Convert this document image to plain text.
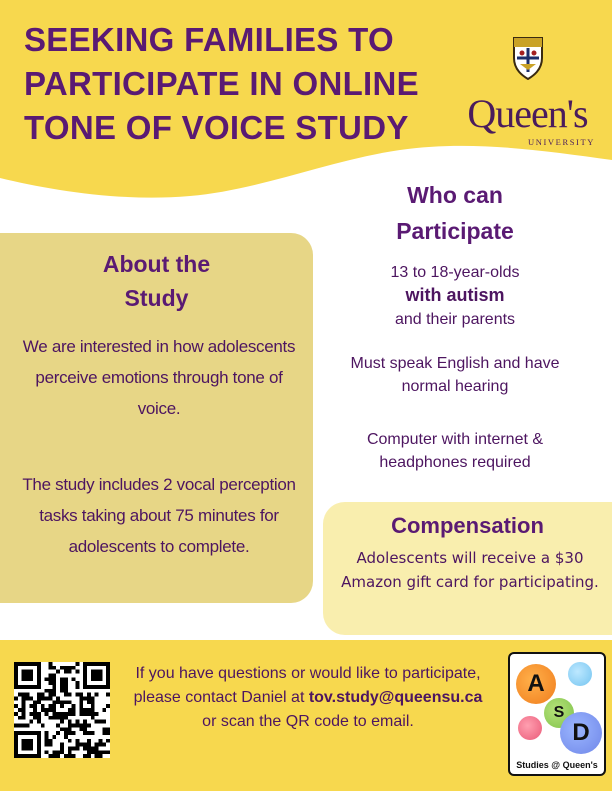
SEEKING FAMILIES TO PARTICIPATE IN ONLINE TONE OF VOICE STUDY	Queen's
UNIVERSITY
About the
Study

We are interested in how adolescents perceive emotions through tone of voice.

The study includes 2 vocal perception tasks taking about 75 minutes for adolescents to complete.

Who can
Participate

13 to 18-year-olds
with autism
and their parents

Must speak English and have normal hearing

Computer with internet & headphones required

Compensation

Adolescents will receive a $30 Amazon gift card for participating.

If you have questions or would like to participate, please contact Daniel at tov.study@queensu.ca or scan the QR code to email.

A
S
D
Studies @ Queen's
